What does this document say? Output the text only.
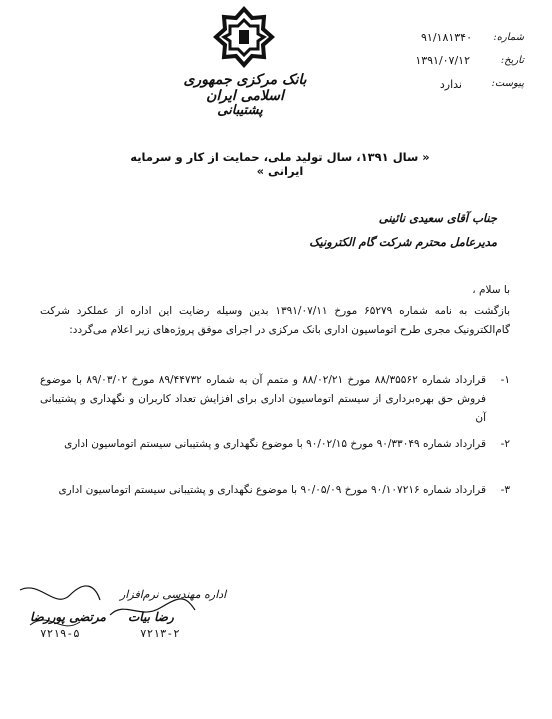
شماره:
۹۱/۱۸۱۳۴۰
تاریخ:
۱۳۹۱/۰۷/۱۲
پیوست:
ندارد
بانک مرکزی جمهوری اسلامی ایران
پشتیبانی
« سال ۱۳۹۱، سال تولید ملی، حمایت از کار و سرمایه ایرانی »
جناب آقای سعیدی نائینی
مدیرعامل محترم شرکت گام الکترونیک
با سلام ،
بازگشت به نامه شماره ۶۵۲۷۹ مورخ ۱۳۹۱/۰۷/۱۱ بدین وسیله رضایت این اداره از عملکرد شرکت گام‌الکترونیک مجری طرح اتوماسیون اداری بانک مرکزی در اجرای موفق پروژه‌های زیر اعلام می‌گردد:
۱-
قرارداد شماره ۸۸/۳۵۵۶۲ مورخ ۸۸/۰۲/۲۱ و متمم آن به شماره ۸۹/۴۴۷۳۲ مورخ ۸۹/۰۳/۰۲ با موضوع فروش حق بهره‌برداری از سیستم اتوماسیون اداری برای افزایش تعداد کاربران و نگهداری و پشتیبانی آن
۲-
قرارداد شماره ۹۰/۳۳۰۴۹ مورخ ۹۰/۰۲/۱۵ با موضوع نگهداری و پشتیبانی سیستم اتوماسیون اداری
۳-
قرارداد شماره ۹۰/۱۰۷۲۱۶ مورخ ۹۰/۰۵/۰۹ با موضوع نگهداری و پشتیبانی سیستم اتوماسیون اداری
اداره مهندسی نرم‌افزار
رضا بیات
مرتضی پوررضا
۷۲۱۳-۲
۷۲۱۹-۵
